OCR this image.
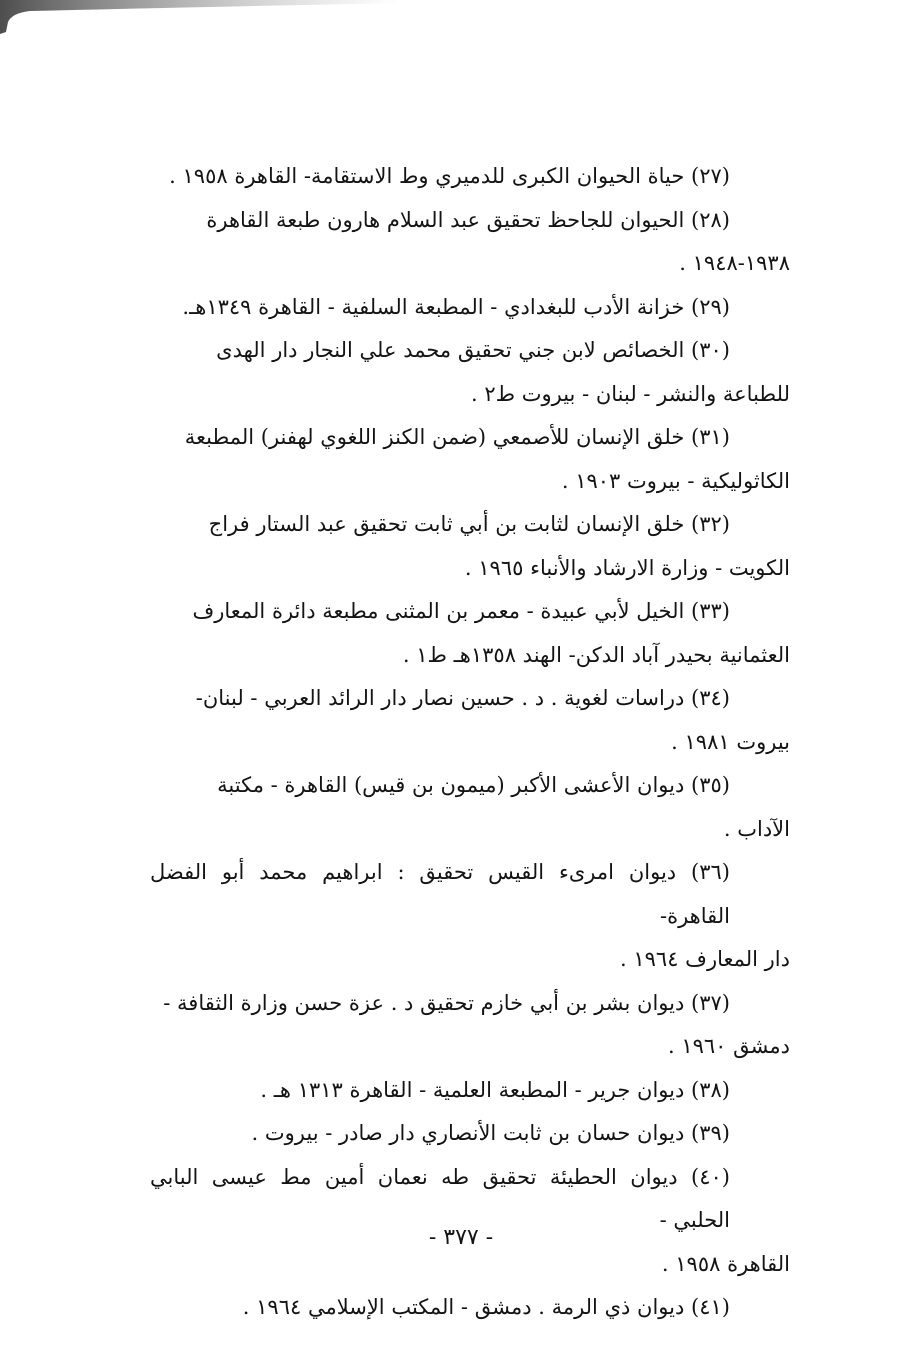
(٢٧) حياة الحيوان الكبرى للدميري وط الاستقامة- القاهرة ١٩٥٨ .
(٢٨) الحيوان للجاحظ تحقيق عبد السلام هارون طبعة القاهرة
١٩٣٨-١٩٤٨ .
(٢٩) خزانة الأدب للبغدادي - المطبعة السلفية - القاهرة ١٣٤٩هـ.
(٣٠) الخصائص لابن جني تحقيق محمد علي النجار دار الهدى
للطباعة والنشر - لبنان - بيروت ط٢ .
(٣١) خلق الإنسان للأصمعي (ضمن الكنز اللغوي لهفنر) المطبعة
الكاثوليكية - بيروت ١٩٠٣ .
(٣٢) خلق الإنسان لثابت بن أبي ثابت تحقيق عبد الستار فراج
الكويت - وزارة الارشاد والأنباء ١٩٦٥ .
(٣٣) الخيل لأبي عبيدة - معمر بن المثنى مطبعة دائرة المعارف
العثمانية بحيدر آباد الدكن- الهند ١٣٥٨هـ ط١ .
(٣٤) دراسات لغوية . د . حسين نصار دار الرائد العربي - لبنان-
بيروت ١٩٨١ .
(٣٥) ديوان الأعشى الأكبر (ميمون بن قيس) القاهرة - مكتبة
الآداب .
(٣٦) ديوان امرىء القيس تحقيق : ابراهيم محمد أبو الفضل القاهرة-
دار المعارف ١٩٦٤ .
(٣٧) ديوان بشر بن أبي خازم تحقيق د . عزة حسن وزارة الثقافة -
دمشق ١٩٦٠ .
(٣٨) ديوان جرير - المطبعة العلمية - القاهرة ١٣١٣ هـ .
(٣٩) ديوان حسان بن ثابت الأنصاري دار صادر - بيروت .
(٤٠) ديوان الحطيئة تحقيق طه نعمان أمين مط عيسى البابي الحلبي -
القاهرة ١٩٥٨ .
(٤١) ديوان ذي الرمة . دمشق - المكتب الإسلامي ١٩٦٤ .
- ٣٧٧ -
